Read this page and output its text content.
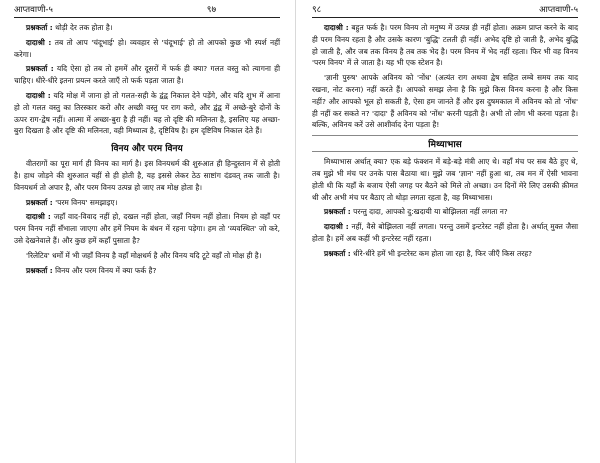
आप्तवाणी-५	९७

प्रश्नकर्ता : थोड़ी देर तक होता है।

दादाश्री : तब तो आप 'चंदूभाई' हो। व्यवहार से 'चंदूभाई' हो तो आपको कुछ भी स्पर्श नहीं करेगा।

प्रश्नकर्ता : यदि ऐसा हो तब तो हममें और दूसरों में फर्क ही क्या? गलत वस्तु को त्यागना ही चाहिए। धीरे-धीरे इतना प्रयत्न करते जाएँ तो फर्क पड़ता जाता है।

दादाश्री : यदि मोक्ष में जाना हो तो गलत-सही के द्वंद्व निकाल देने पड़ेंगे, और यदि शुभ में आना हो तो गलत वस्तु का तिरस्कार करो और अच्छी वस्तु पर राग करो, और द्वंद्व में अच्छे-बुरे दोनों के ऊपर राग-द्वेष नहीं। आत्मा में अच्छा-बुरा है ही नहीं। यह तो दृष्टि की मलिनता है, इसलिए यह अच्छा-बुरा दिखता है और दृष्टि की मलिनता, वही मिथ्यात्व है, दृष्टिविष है। हम दृष्टिविष निकाल देते हैं।

विनय और परम विनय

वीतरागों का पूरा मार्ग ही विनय का मार्ग है। इस विनयधर्म की शुरुआत ही हिन्दुस्तान में से होती है। हाथ जोड़ने की शुरुआत यहीं से ही होती है, यह इससे लेकर ठेठ साष्टांग दंडवत् तक जाती है। विनयधर्म तो अपार है, और परम विनय उत्पन्न हो जाए तब मोक्ष होता है।

प्रश्नकर्ता : 'परम विनय' समझाइए।

दादाश्री : जहाँ वाद-विवाद नहीं हो, दखल नहीं होता, जहाँ नियम नहीं होता। नियम हो वहाँ पर परम विनय नहीं सँभाला जाएगा और हमें नियम के बंधन में रहना पड़ेगा। हम तो 'व्यवस्थित' जो करे, उसे देखनेवाले हैं। और कुछ हमें कहाँ पुसाता है?

'रिलेटिव' धर्मों में भी जहाँ विनय है वहाँ मोक्षधर्म है और विनय यदि टूटे वहाँ तो मोक्ष ही है।

प्रश्नकर्ता : विनय और परम विनय में क्या फर्क है?

९८	आप्तवाणी-५

दादाश्री : बहुत फर्क है। परम विनय तो मनुष्य में उत्पन्न ही नहीं होता। अक्रम प्राप्त करने के बाद ही परम विनय रहता है और उसके कारण 'बुद्धि' टलती ही नहीं। अभेद दृष्टि हो जाती है, अभेद बुद्धि हो जाती है, और जब तक विनय है तब तक भेद है। परम विनय में भेद नहीं रहता। फिर भी वह विनय 'परम विनय' में ले जाता है। यह भी एक स्टेशन है।

'ज्ञानी पुरुष' आपके अविनय को 'नोंध' (अत्यंत राग अथवा द्वेष सहित लम्बे समय तक याद रखना, नोट करना) नहीं करते हैं। आपको समझ लेना है कि मुझे किस विनय करना है और किस नहीं? और आपको भूल हो सकती है, ऐसा हम जानते हैं और इस दुषमकाल में अविनय को तो 'नोंध' ही नहीं कर सकते न? 'दादा' हैं अविनय को 'नोंध' करनी पड़ती है। अभी तो लोग भी करना पड़ता है। बल्कि, अविनय करें उसे आशीर्वाद देना पड़ता है!

मिथ्याभास

मिथ्याभास अर्थात् क्या? एक बड़े फंक्शन में बड़े-बड़े मंत्री आए थे। वहाँ मंच पर सब बैठे हुए थे, तब मुझे भी मंच पर उनके पास बैठाया था। मुझे जब 'ज्ञान' नहीं हुआ था, तब मन में ऐसी भावना होती थी कि यहाँ के बजाय ऐसी जगह पर बैठने को मिले तो अच्छा। उन दिनों मेरे लिए उसकी क़ीमत थी और अभी मंच पर बैठाए तो थोड़ा लगता रहता है, वह मिथ्याभास।

प्रश्नकर्ता : परन्तु दादा, आपको दु:खदायी या बोझिलता नहीं लगता न?

दादाश्री : नहीं, वैसे बोझिलता नहीं लगता। परन्तु उसमें इन्टरेस्ट नहीं होता है। अर्थात् मुक्त जैसा होता है। हमें अब कहीं भी इन्टरेस्ट नहीं रहता।

प्रश्नकर्ता : धीरे-धीरे हमें भी इन्टरेस्ट कम होता जा रहा है, फिर जीएँ किस तरह?
